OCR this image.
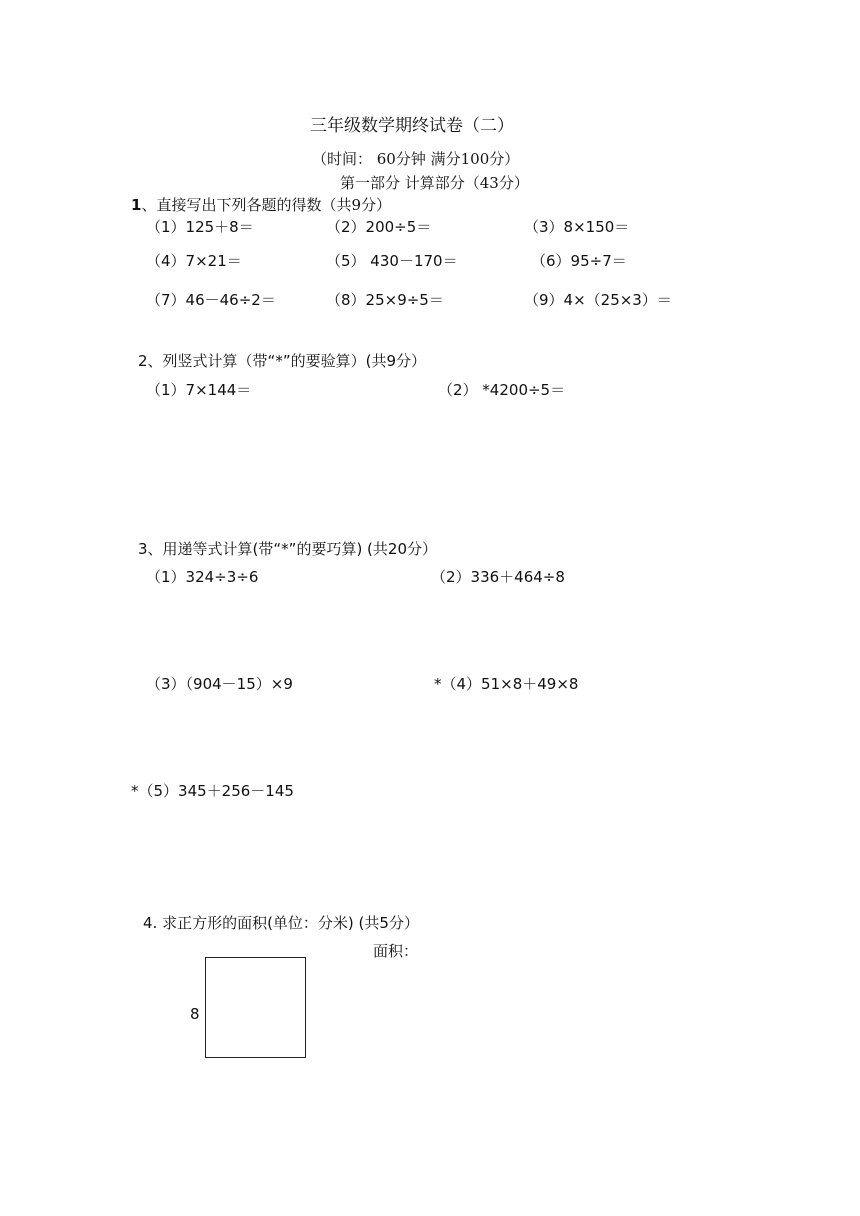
三年级数学期终试卷（二）
（时间： 60分钟 满分100分）
第一部分 计算部分（43分）
1、直接写出下列各题的得数（共9分）
（1）125＋8＝	（2）200÷5＝	（3）8×150＝
（4）7×21＝	（5） 430－170＝	（6）95÷7＝
（7）46－46÷2＝	（8）25×9÷5＝	（9）4×（25×3）＝
2、列竖式计算（带“*”的要验算）(共9分）
（1）7×144＝	（2） *4200÷5＝
3、用递等式计算(带“*”的要巧算) (共20分）
（1）324÷3÷6	（2）336＋464÷8
（3）（904－15）×9	*（4）51×8＋49×8
*（5）345＋256－145
4. 求正方形的面积(单位：分米) (共5分）
面积：
8
